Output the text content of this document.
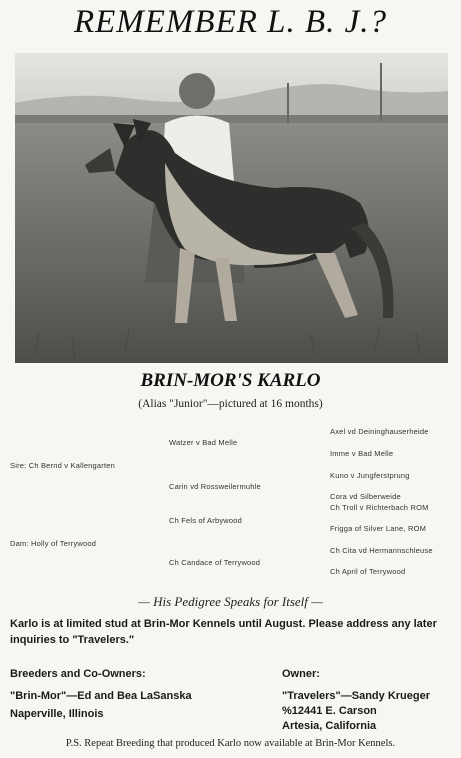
REMEMBER L. B. J.?
BRIN-MOR'S KARLO
(Alias "Junior"—pictured at 16 months)
Sire: Ch Bernd v Kallengarten
Dam: Holly of Terrywood
Watzer v Bad Melle
Carin vd Rossweilermuhle
Ch Fels of Arbywood
Ch Candace of Terrywood
Axel vd Deininghauserheide
Imme v Bad Melle
Kuno v Jungferstprung
Cora vd Silberweide
Ch Troll v Richterbach ROM
Frigga of Silver Lane, ROM
Ch Cita vd Hermannschleuse
Ch April of Terrywood
— His Pedigree Speaks for Itself —
Karlo is at limited stud at Brin-Mor Kennels until August. Please address any later inquiries to "Travelers."
Breeders and Co-Owners:
"Brin-Mor"—Ed and Bea LaSanska
Naperville, Illinois
Owner:
"Travelers"—Sandy Krueger
%12441 E. Carson
Artesia, California
P.S. Repeat Breeding that produced Karlo now available at Brin-Mor Kennels.
